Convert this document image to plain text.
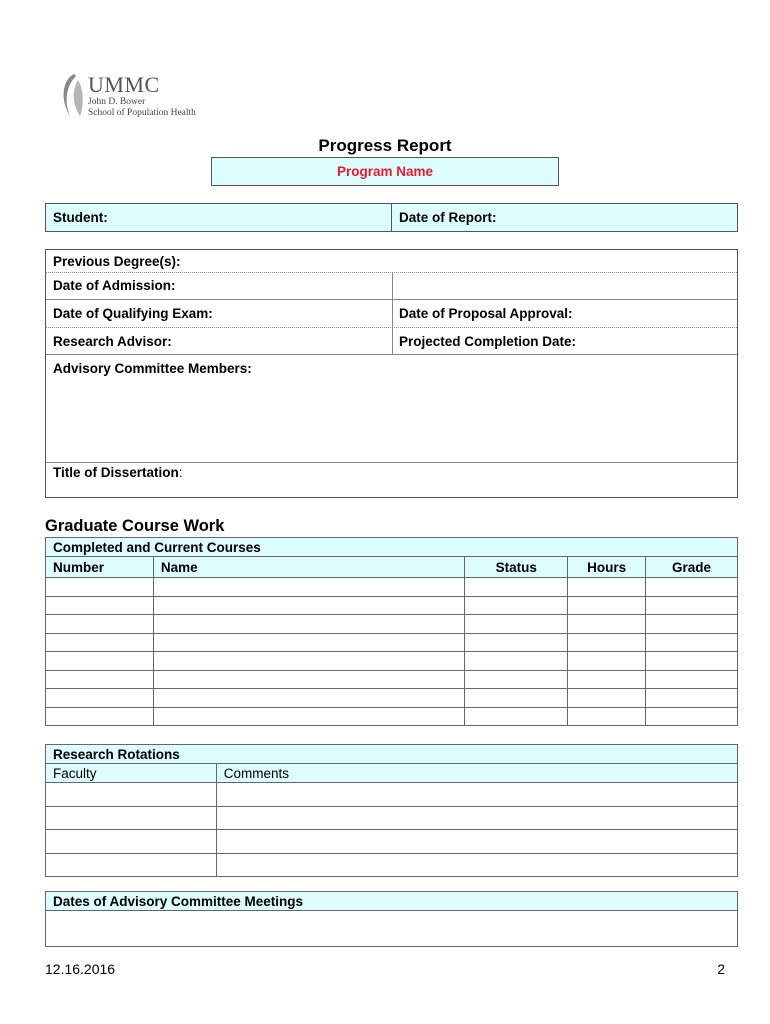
UMMC
John D. Bower
School of Population Health
Progress Report
Program Name
Student:	Date of Report:
Previous Degree(s):
Date of Admission:
Date of Qualifying Exam:	Date of Proposal Approval:
Research Advisor:	Projected Completion Date:
Advisory Committee Members:
Title of Dissertation:
Graduate Course Work
Completed and Current Courses				
Number	Name	Status	Hours	Grade

Research Rotations	
Faculty	Comments

Dates of Advisory Committee Meetings

12.16.2016	2
